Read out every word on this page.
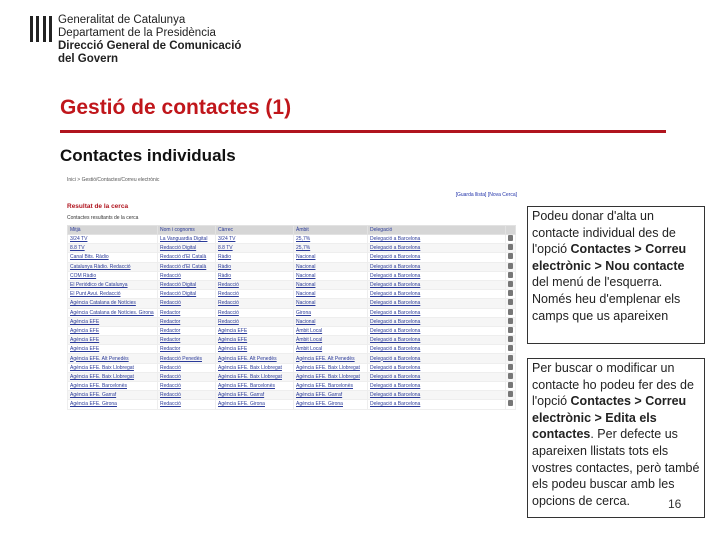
Generalitat de Catalunya
Departament de la Presidència
Direcció General de Comunicació
del Govern
Gestió de contactes (1)
Contactes individuals
Inici > Gestió/Contactes/Correu electrònic
[Guarda llista] [Nova Cerca]
Resultat de la cerca
Contactes resultants de la cerca
Mitjà	Nom i cognoms	Càrrec	Àmbit	Delegació	
3/24 TV	La Vanguardia Digital	3/24 TV	25,7%	Delegació a Barcelona	
8.8 TV	Redacció Digital	8.8 TV	25,7%	Delegació a Barcelona	
Canal Bits. Ràdio	Redacció d'El Català	Ràdio	Nacional	Delegació a Barcelona	
Catalunya Ràdio. Redacció	Redacció d'El Català	Ràdio	Nacional	Delegació a Barcelona	
COM Ràdio	Redacció	Ràdio	Nacional	Delegació a Barcelona	
El Periódico de Catalunya	Redacció Digital	Redacció	Nacional	Delegació a Barcelona	
El Punt Avui. Redacció	Redacció Digital	Redacció	Nacional	Delegació a Barcelona	
Agència Catalana de Notícies	Redacció	Redacció	Nacional	Delegació a Barcelona	
Agència Catalana de Notícies. Girona	Redactor	Redacció	Girona	Delegació a Barcelona	
Agència EFE	Redactor	Redacció	Nacional	Delegació a Barcelona	
Agència EFE	Redactor	Agència EFE	Àmbit Local	Delegació a Barcelona	
Agència EFE	Redactor	Agència EFE	Àmbit Local	Delegació a Barcelona	
Agència EFE	Redactor	Agència EFE	Àmbit Local	Delegació a Barcelona	
Agència EFE. Alt Penedès	Redacció Penedès	Agència EFE. Alt Penedès	Agència EFE. Alt Penedès	Delegació a Barcelona	
Agència EFE. Baix Llobregat	Redacció	Agència EFE. Baix Llobregat	Agència EFE. Baix Llobregat	Delegació a Barcelona	
Agència EFE. Baix Llobregat	Redacció	Agència EFE. Baix Llobregat	Agència EFE. Baix Llobregat	Delegació a Barcelona	
Agència EFE. Barcelonès	Redacció	Agència EFE. Barcelonès	Agència EFE. Barcelonès	Delegació a Barcelona	
Agència EFE. Garraf	Redacció	Agència EFE. Garraf	Agència EFE. Garraf	Delegació a Barcelona	
Agència EFE. Girona	Redacció	Agència EFE. Girona	Agència EFE. Girona	Delegació a Barcelona	
Podeu donar d'alta un contacte individual des de l'opció Contactes > Correu electrònic > Nou contacte del menú de l'esquerra. Només heu d'emplenar els camps que us apareixen
Per buscar o modificar un contacte ho podeu fer des de l'opció Contactes > Correu electrònic > Edita els contactes. Per defecte us apareixen llistats tots els vostres contactes, però també els podeu buscar amb les opcions de cerca.	16
